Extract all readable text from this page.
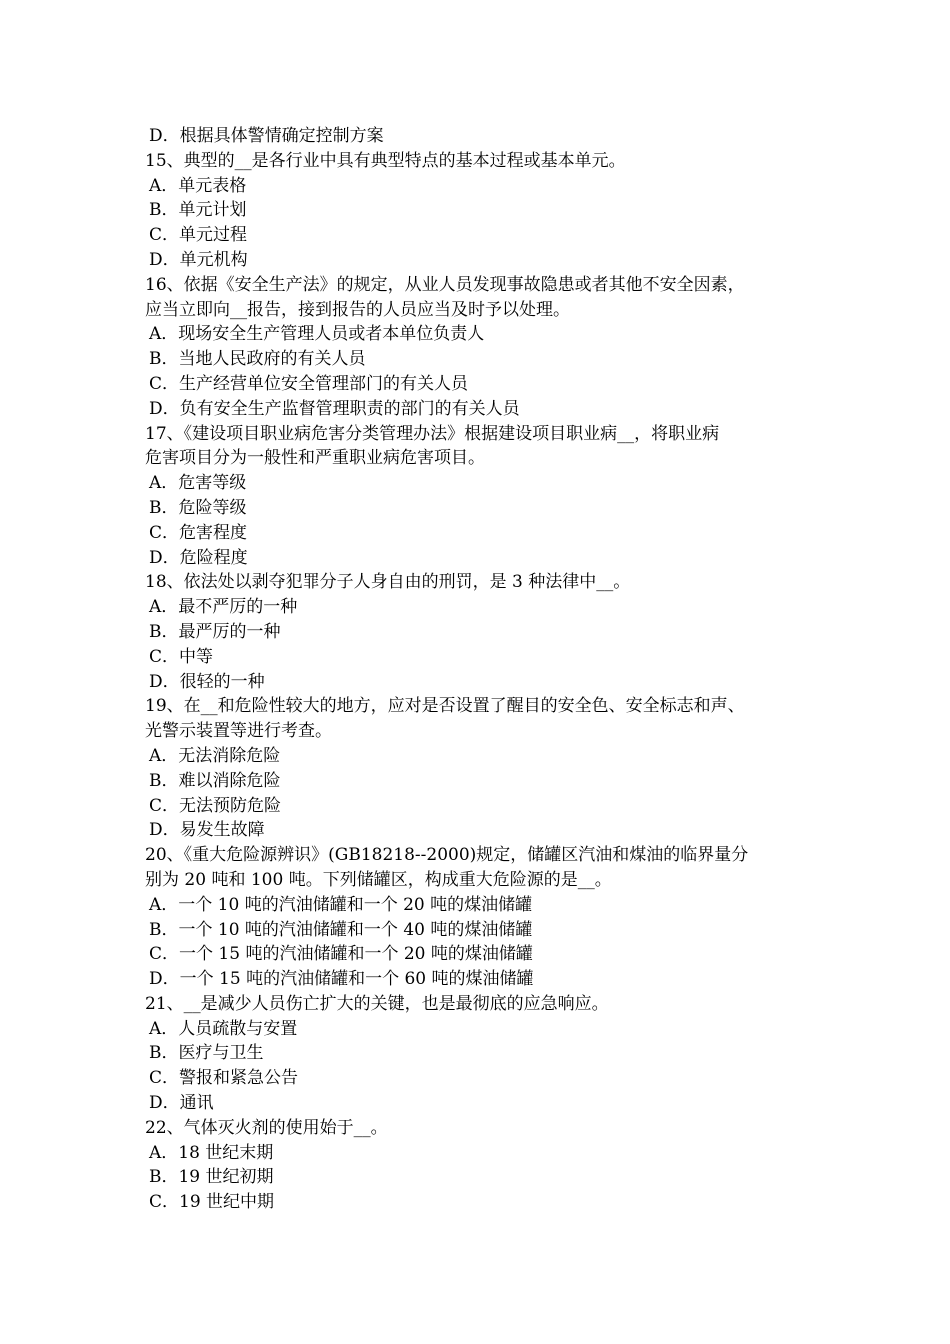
D．根据具体警情确定控制方案
15、典型的__是各行业中具有典型特点的基本过程或基本单元。
A．单元表格
B．单元计划
C．单元过程
D．单元机构
16、依据《安全生产法》的规定，从业人员发现事故隐患或者其他不安全因素，
应当立即向__报告，接到报告的人员应当及时予以处理。
A．现场安全生产管理人员或者本单位负责人
B．当地人民政府的有关人员
C．生产经营单位安全管理部门的有关人员
D．负有安全生产监督管理职责的部门的有关人员
17、《建设项目职业病危害分类管理办法》根据建设项目职业病__，将职业病
危害项目分为一般性和严重职业病危害项目。
A．危害等级
B．危险等级
C．危害程度
D．危险程度
18、依法处以剥夺犯罪分子人身自由的刑罚，是 3 种法律中__。
A．最不严厉的一种
B．最严厉的一种
C．中等
D．很轻的一种
19、在__和危险性较大的地方，应对是否设置了醒目的安全色、安全标志和声、
光警示装置等进行考查。
A．无法消除危险
B．难以消除危险
C．无法预防危险
D．易发生故障
20、《重大危险源辨识》(GB18218--2000)规定，储罐区汽油和煤油的临界量分
别为 20 吨和 100 吨。下列储罐区，构成重大危险源的是__。
A．一个 10 吨的汽油储罐和一个 20 吨的煤油储罐
B．一个 10 吨的汽油储罐和一个 40 吨的煤油储罐
C．一个 15 吨的汽油储罐和一个 20 吨的煤油储罐
D．一个 15 吨的汽油储罐和一个 60 吨的煤油储罐
21、__是减少人员伤亡扩大的关键，也是最彻底的应急响应。
A．人员疏散与安置
B．医疗与卫生
C．警报和紧急公告
D．通讯
22、气体灭火剂的使用始于__。
A．18 世纪末期
B．19 世纪初期
C．19 世纪中期
